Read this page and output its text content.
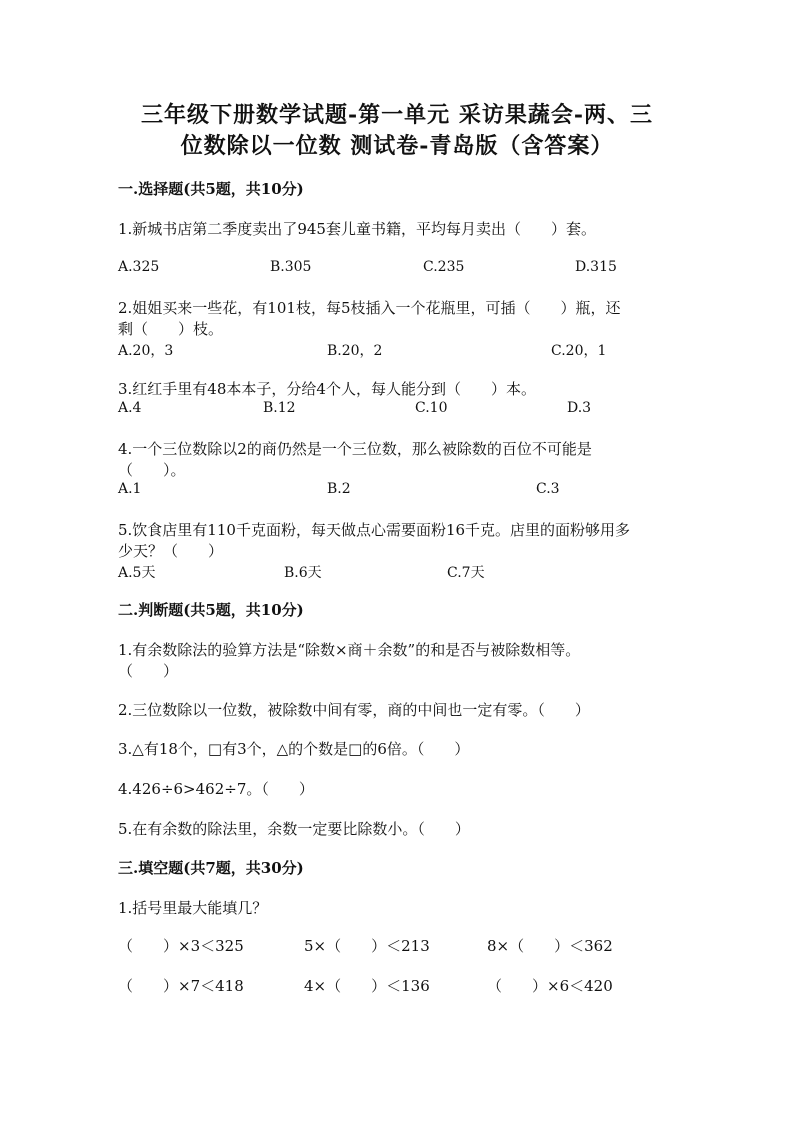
三年级下册数学试题-第一单元 采访果蔬会-两、三
位数除以一位数 测试卷-青岛版（含答案）
一.选择题(共5题，共10分)
1.新城书店第二季度卖出了945套儿童书籍，平均每月卖出（　　）套。
A.325	B.305	C.235	D.315
2.姐姐买来一些花，有101枝，每5枝插入一个花瓶里，可插（　　）瓶，还
剩（　　）枝。
A.20，3	B.20，2	C.20，1
3.红红手里有48本本子，分给4个人，每人能分到（　　）本。
A.4	B.12	C.10	D.3
4.一个三位数除以2的商仍然是一个三位数，那么被除数的百位不可能是
（　　）。
A.1	B.2	C.3
5.饮食店里有110千克面粉，每天做点心需要面粉16千克。店里的面粉够用多
少天？（　　）
A.5天	B.6天	C.7天
二.判断题(共5题，共10分)
1.有余数除法的验算方法是“除数×商＋余数”的和是否与被除数相等。
（　　）
2.三位数除以一位数，被除数中间有零，商的中间也一定有零。（　　）
3.△有18个，□有3个，△的个数是□的6倍。（　　）
4.426÷6>462÷7。（　　）
5.在有余数的除法里，余数一定要比除数小。（　　）
三.填空题(共7题，共30分)
1.括号里最大能填几？
（　　）×3＜325	5×（　　）＜213	8×（　　）＜362
（　　）×7＜418	4×（　　）＜136	（　　）×6＜420
